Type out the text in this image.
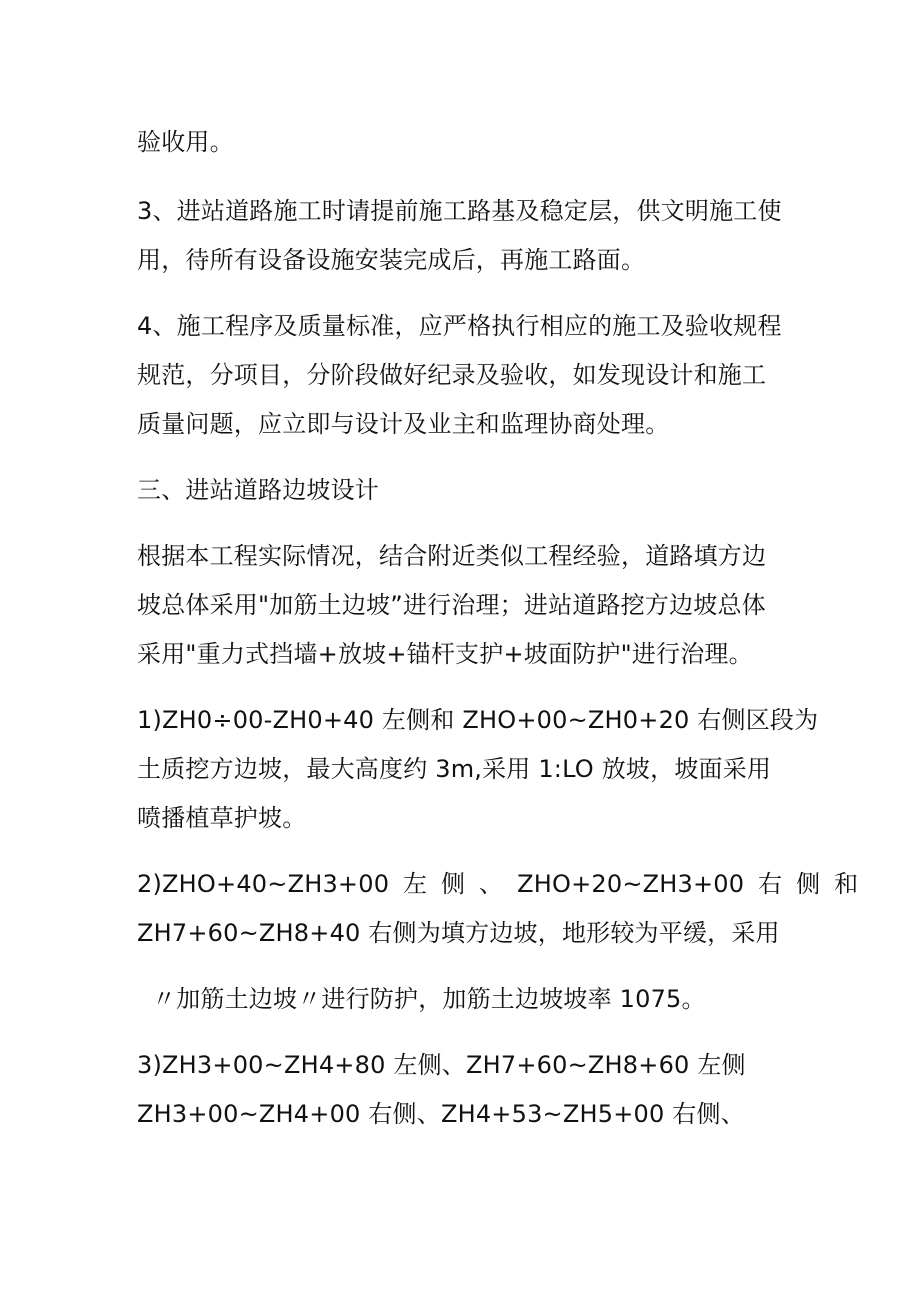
验收用。
3、进站道路施工时请提前施工路基及稳定层，供文明施工使
用，待所有设备设施安装完成后，再施工路面。
4、施工程序及质量标准，应严格执行相应的施工及验收规程
规范，分项目，分阶段做好纪录及验收，如发现设计和施工
质量问题，应立即与设计及业主和监理协商处理。
三、进站道路边坡设计
根据本工程实际情况，结合附近类似工程经验，道路填方边
坡总体采用"加筋土边坡”进行治理；进站道路挖方边坡总体
采用"重力式挡墙+放坡+锚杆支护+坡面防护"进行治理。
1)ZH0÷00-ZH0+40 左侧和 ZHO+00~ZH0+20 右侧区段为
土质挖方边坡，最大高度约 3m,采用 1:LO 放坡，坡面采用
喷播植草护坡。
2)ZHO+40~ZH3+00 左 侧 、 ZHO+20~ZH3+00 右 侧 和
ZH7+60~ZH8+40 右侧为填方边坡，地形较为平缓，采用
〃加筋土边坡〃进行防护，加筋土边坡坡率 1075。
3)ZH3+00~ZH4+80 左侧、ZH7+60~ZH8+60 左侧
ZH3+00~ZH4+00 右侧、ZH4+53~ZH5+00 右侧、
